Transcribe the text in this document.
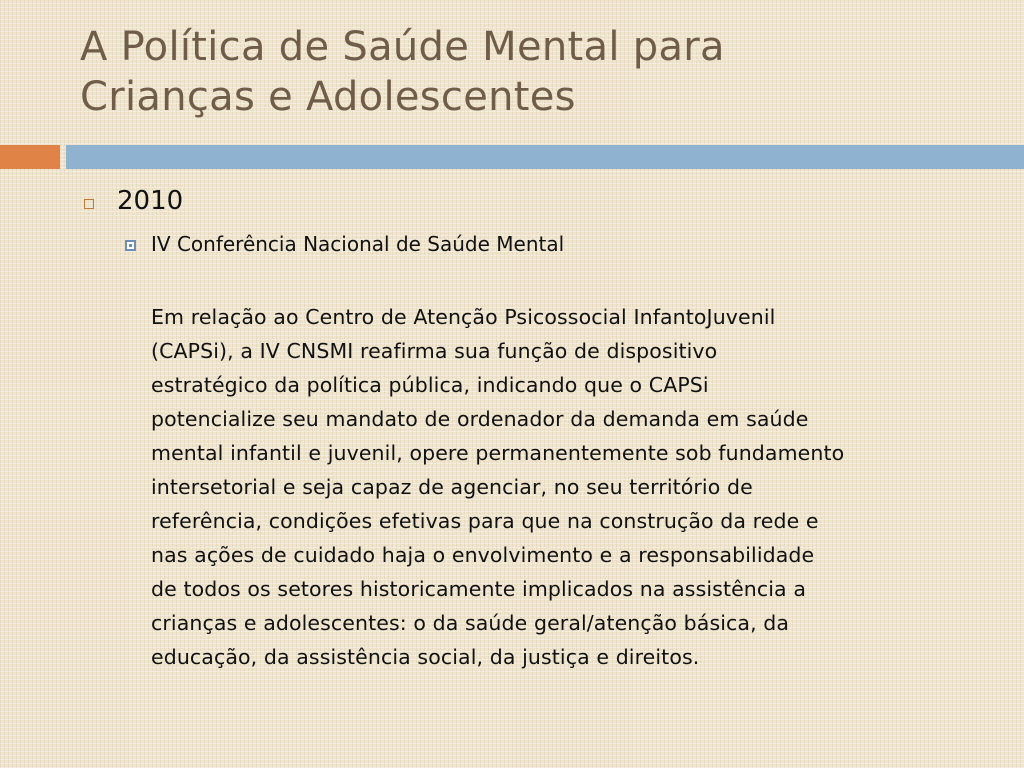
A Política de Saúde Mental para
Crianças e Adolescentes
2010
IV Conferência Nacional de Saúde Mental

Em relação ao Centro de Atenção Psicossocial InfantoJuvenil
(CAPSi), a IV CNSMI reafirma sua função de dispositivo
estratégico da política pública, indicando que o CAPSi
potencialize seu mandato de ordenador da demanda em saúde
mental infantil e juvenil, opere permanentemente sob fundamento
intersetorial e seja capaz de agenciar, no seu território de
referência, condições efetivas para que na construção da rede e
nas ações de cuidado haja o envolvimento e a responsabilidade
de todos os setores historicamente implicados na assistência a
crianças e adolescentes: o da saúde geral/atenção básica, da
educação, da assistência social, da justiça e direitos.
